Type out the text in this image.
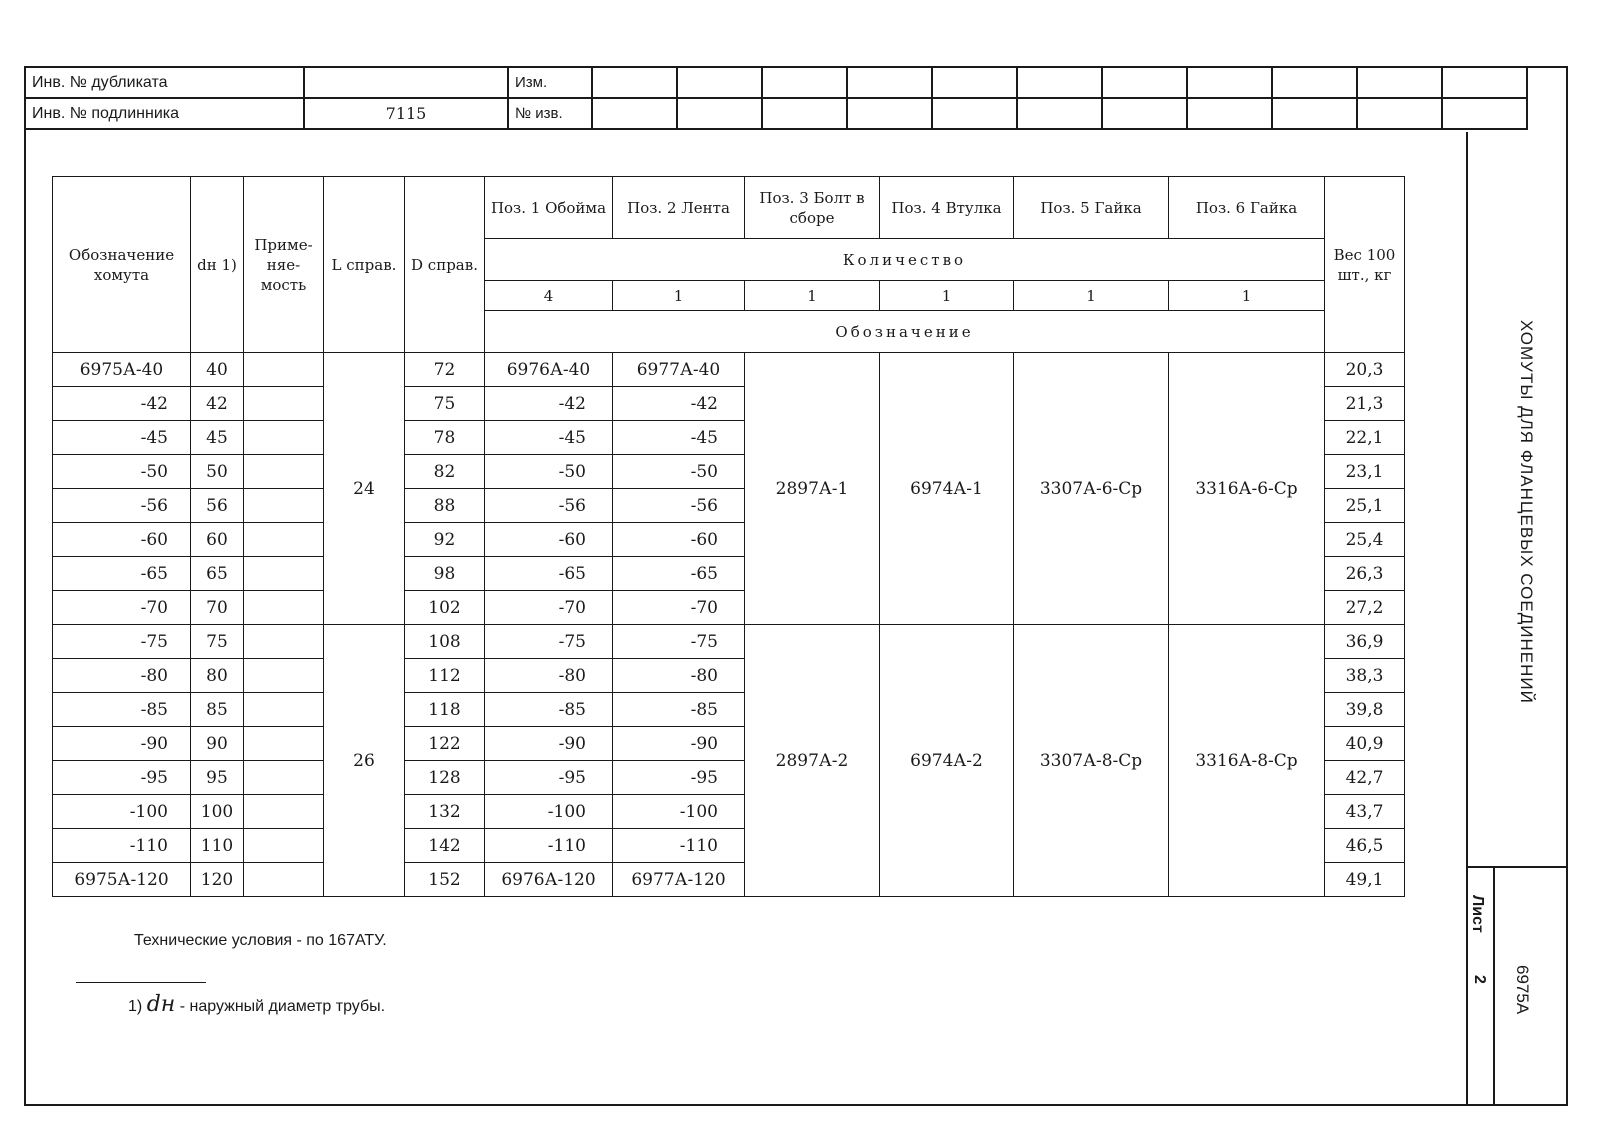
Инв. № дубликата		Изм.											
Инв. № подлинника	7115	№ изв.											
ХОМУТЫ ДЛЯ ФЛАНЦЕВЫХ СОЕДИНЕНИЙ
Лист
2 6975А
Обозначение хомута	dн 1)	Приме- няе- мость	L справ.	D справ.	Поз. 1 Обойма	Поз. 2 Лента	Поз. 3 Болт в сборе	Поз. 4 Втулка	Поз. 5 Гайка	Поз. 6 Гайка	Вес 100 шт., кг
					Количество						
					4	1	1	1	1	1	
					Обозначение						
6975А-40	40		24	72	6976А-40	6977А-40	2897А-1	6974А-1	3307А-6-Ср	3316А-6-Ср	20,3
-42	42			75	-42	-42					21,3
-45	45			78	-45	-45					22,1
-50	50			82	-50	-50					23,1
-56	56			88	-56	-56					25,1
-60	60			92	-60	-60					25,4
-65	65			98	-65	-65					26,3
-70	70			102	-70	-70					27,2
-75	75		26	108	-75	-75	2897А-2	6974А-2	3307А-8-Ср	3316А-8-Ср	36,9
-80	80			112	-80	-80					38,3
-85	85			118	-85	-85					39,8
-90	90			122	-90	-90					40,9
-95	95			128	-95	-95					42,7
-100	100			132	-100	-100					43,7
-110	110			142	-110	-110					46,5
6975А-120	120			152	6976А-120	6977А-120					49,1
Технические условия - по 167АТУ.
1) dн - наружный диаметр трубы.
